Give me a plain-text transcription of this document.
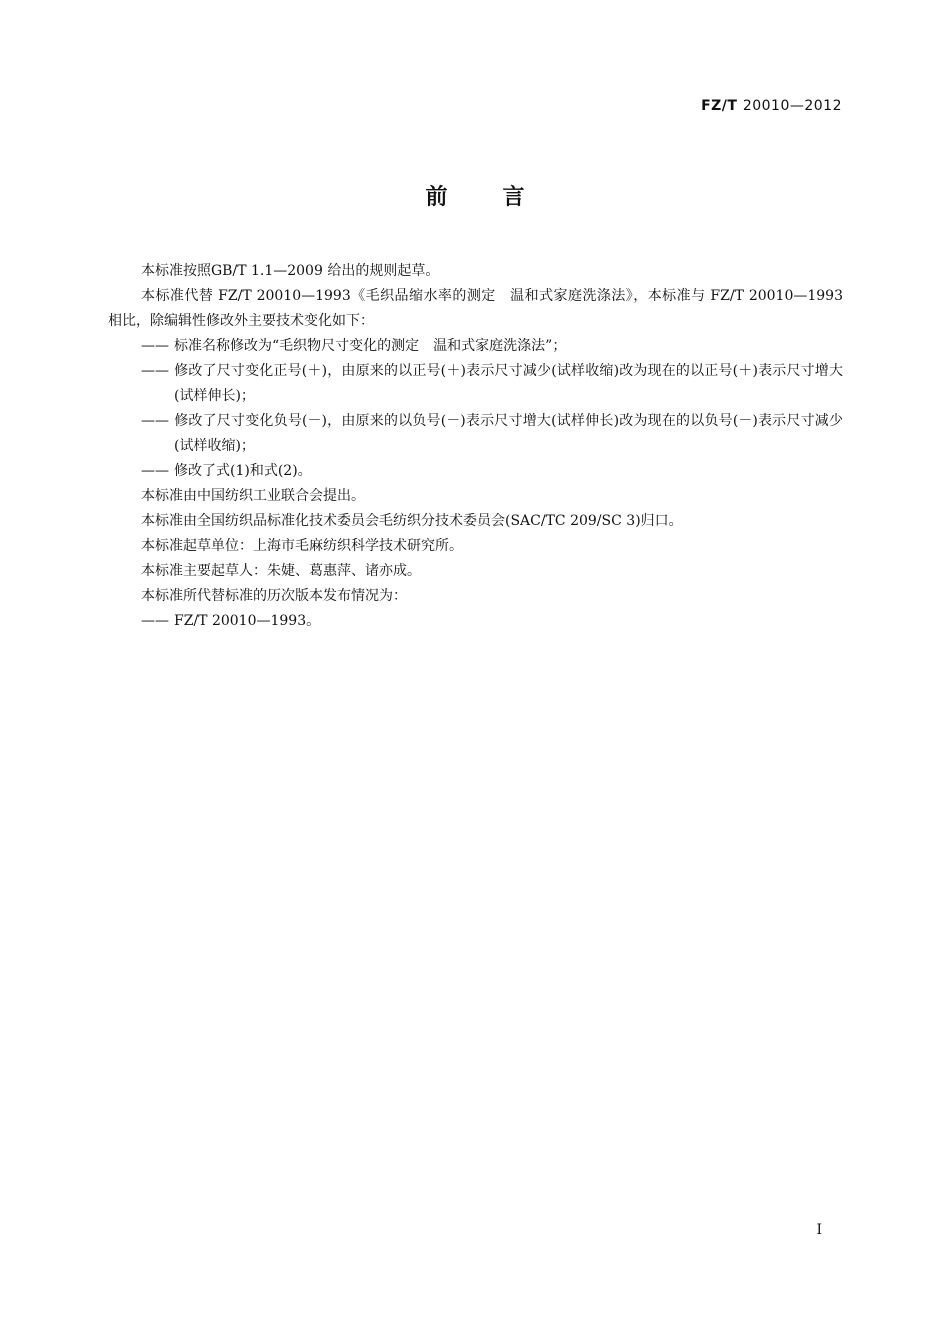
FZ/T 20010—2012
前言

本标准按照GB/T 1.1—2009 给出的规则起草。

本标准代替 FZ/T 20010—1993《毛织品缩水率的测定　温和式家庭洗涤法》，本标准与 FZ/T 20010—1993 相比，除编辑性修改外主要技术变化如下：

—— 标准名称修改为“毛织物尺寸变化的测定　温和式家庭洗涤法”；

—— 修改了尺寸变化正号(＋)，由原来的以正号(＋)表示尺寸减少(试样收缩)改为现在的以正号(＋)表示尺寸增大(试样伸长)；

—— 修改了尺寸变化负号(－)，由原来的以负号(－)表示尺寸增大(试样伸长)改为现在的以负号(－)表示尺寸减少(试样收缩)；

—— 修改了式(1)和式(2)。

本标准由中国纺织工业联合会提出。

本标准由全国纺织品标准化技术委员会毛纺织分技术委员会(SAC/TC 209/SC 3)归口。

本标准起草单位：上海市毛麻纺织科学技术研究所。

本标准主要起草人：朱婕、葛惠萍、诸亦成。

本标准所代替标准的历次版本发布情况为：

—— FZ/T 20010—1993。

I
